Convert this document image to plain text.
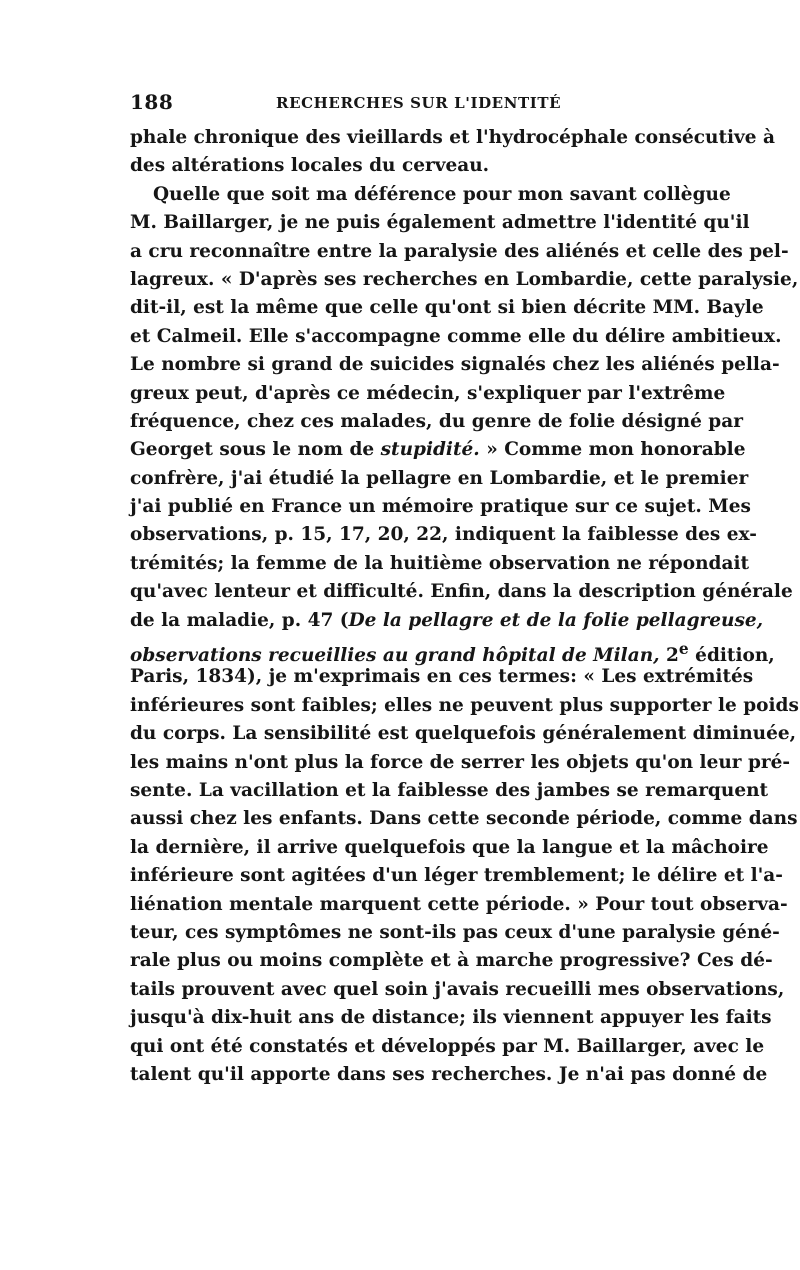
188	RECHERCHES SUR L'IDENTITÉ
phale chronique des vieillards et l'hydrocéphale consécutive à
des altérations locales du cerveau.
Quelle que soit ma déférence pour mon savant collègue
M. Baillarger, je ne puis également admettre l'identité qu'il
a cru reconnaître entre la paralysie des aliénés et celle des pel-
lagreux. « D'après ses recherches en Lombardie, cette paralysie,
dit-il, est la même que celle qu'ont si bien décrite MM. Bayle
et Calmeil. Elle s'accompagne comme elle du délire ambitieux.
Le nombre si grand de suicides signalés chez les aliénés pella-
greux peut, d'après ce médecin, s'expliquer par l'extrême
fréquence, chez ces malades, du genre de folie désigné par
Georget sous le nom de stupidité. » Comme mon honorable
confrère, j'ai étudié la pellagre en Lombardie, et le premier
j'ai publié en France un mémoire pratique sur ce sujet. Mes
observations, p. 15, 17, 20, 22, indiquent la faiblesse des ex-
trémités; la femme de la huitième observation ne répondait
qu'avec lenteur et difficulté. Enfin, dans la description générale
de la maladie, p. 47 (De la pellagre et de la folie pellagreuse,
observations recueillies au grand hôpital de Milan, 2e édition,
Paris, 1834), je m'exprimais en ces termes: « Les extrémités
inférieures sont faibles; elles ne peuvent plus supporter le poids
du corps. La sensibilité est quelquefois généralement diminuée,
les mains n'ont plus la force de serrer les objets qu'on leur pré-
sente. La vacillation et la faiblesse des jambes se remarquent
aussi chez les enfants. Dans cette seconde période, comme dans
la dernière, il arrive quelquefois que la langue et la mâchoire
inférieure sont agitées d'un léger tremblement; le délire et l'a-
liénation mentale marquent cette période. » Pour tout observa-
teur, ces symptômes ne sont-ils pas ceux d'une paralysie géné-
rale plus ou moins complète et à marche progressive? Ces dé-
tails prouvent avec quel soin j'avais recueilli mes observations,
jusqu'à dix-huit ans de distance; ils viennent appuyer les faits
qui ont été constatés et développés par M. Baillarger, avec le
talent qu'il apporte dans ses recherches. Je n'ai pas donné de
